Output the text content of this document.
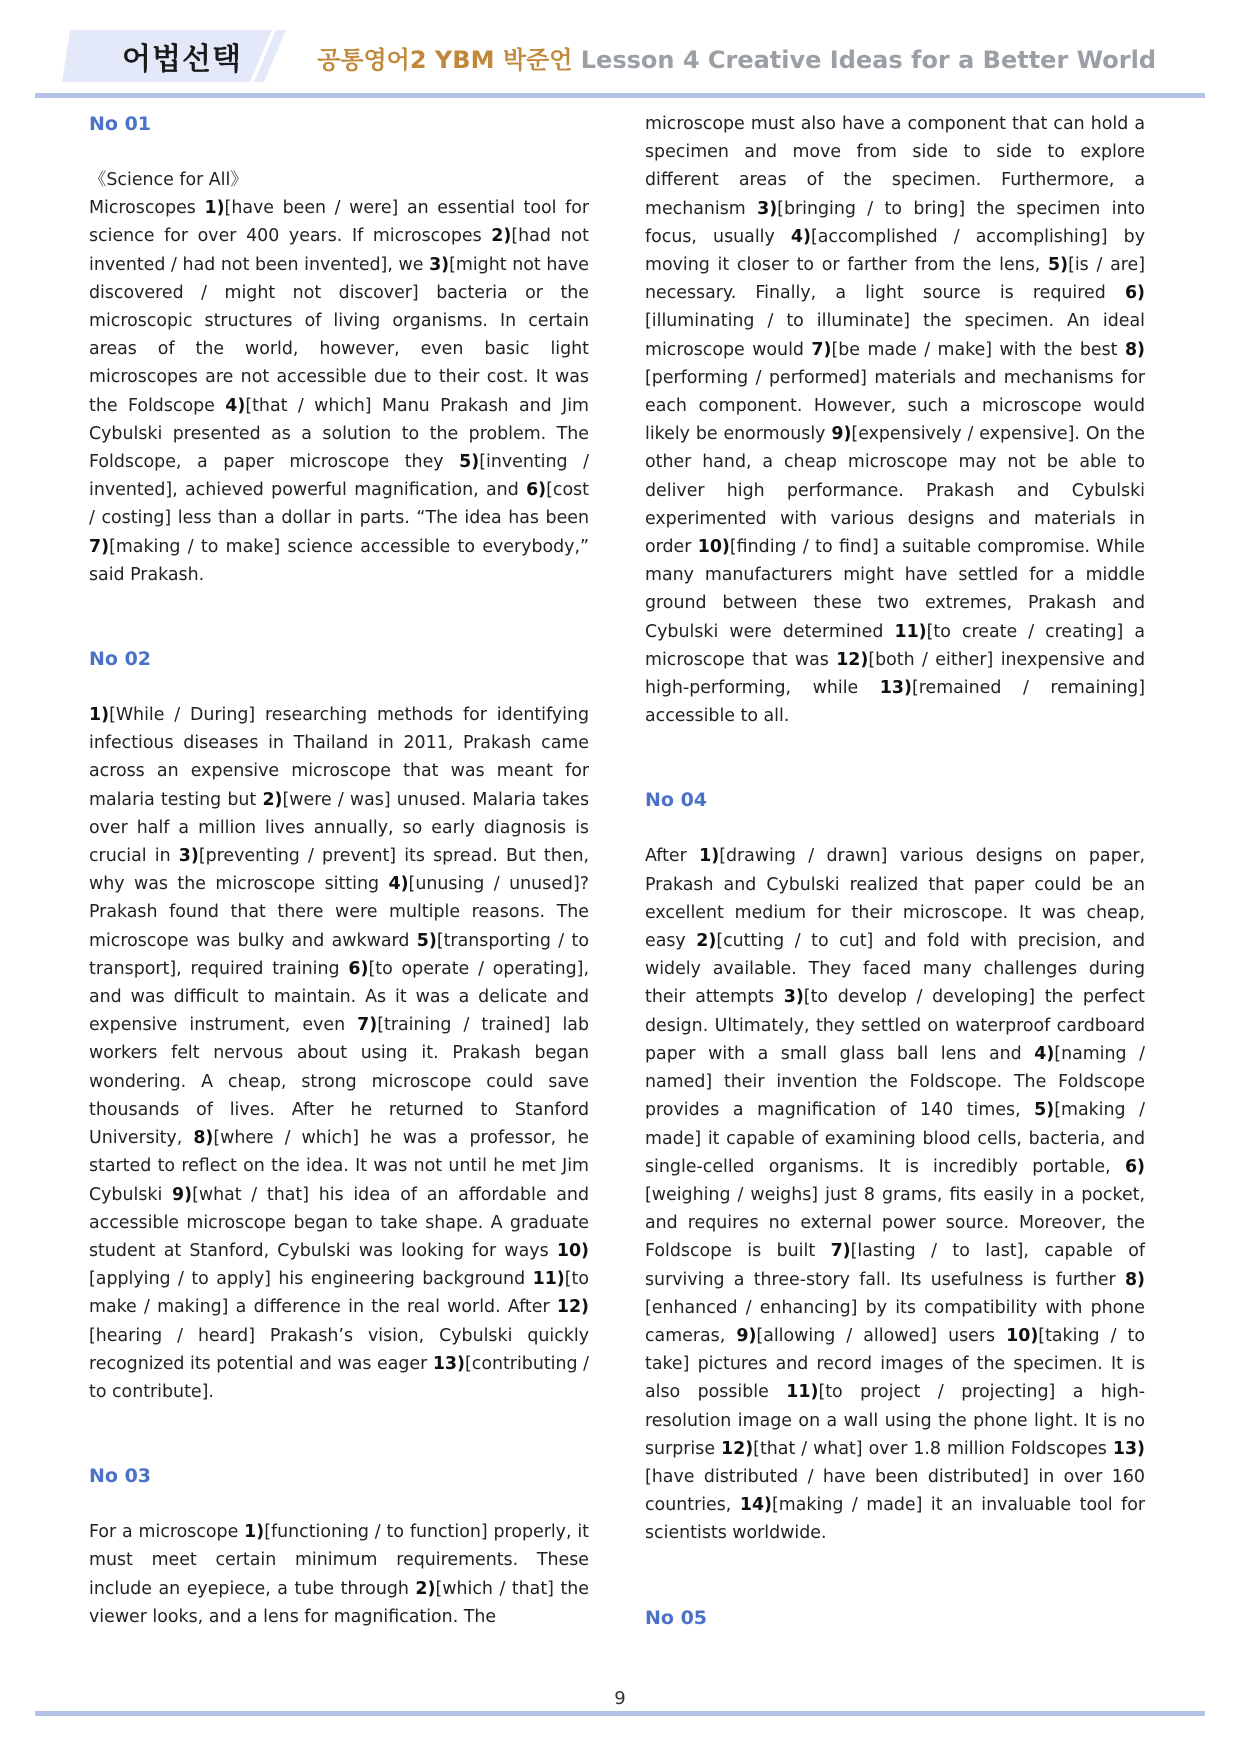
어법선택	공통영어2 YBM 박준언 Lesson 4 Creative Ideas for a Better World
No 01

《Science for All》

Microscopes 1)[have been / were] an essential tool for science for over 400 years. If microscopes 2)[had not invented / had not been invented], we 3)[might not have discovered / might not discover] bacteria or the microscopic structures of living organisms. In certain areas of the world, however, even basic light microscopes are not accessible due to their cost. It was the Foldscope 4)[that / which] Manu Prakash and Jim Cybulski presented as a solution to the problem. The Foldscope, a paper microscope they 5)[inventing / invented], achieved powerful magnification, and 6)[cost / costing] less than a dollar in parts. “The idea has been 7)[making / to make] science accessible to everybody,” said Prakash.

No 02

1)[While / During] researching methods for identifying infectious diseases in Thailand in 2011, Prakash came across an expensive microscope that was meant for malaria testing but 2)[were / was] unused. Malaria takes over half a million lives annually, so early diagnosis is crucial in 3)[preventing / prevent] its spread. But then, why was the microscope sitting 4)[unusing / unused]? Prakash found that there were multiple reasons. The microscope was bulky and awkward 5)[transporting / to transport], required training 6)[to operate / operating], and was difficult to maintain. As it was a delicate and expensive instrument, even 7)[training / trained] lab workers felt nervous about using it. Prakash began wondering. A cheap, strong microscope could save thousands of lives. After he returned to Stanford University, 8)[where / which] he was a professor, he started to reflect on the idea. It was not until he met Jim Cybulski 9)[what / that] his idea of an affordable and accessible microscope began to take shape. A graduate student at Stanford, Cybulski was looking for ways 10)[applying / to apply] his engineering background 11)[to make / making] a difference in the real world. After 12)[hearing / heard] Prakash’s vision, Cybulski quickly recognized its potential and was eager 13)[contributing / to contribute].

No 03

For a microscope 1)[functioning / to function] properly, it must meet certain minimum requirements. These include an eyepiece, a tube through 2)[which / that] the viewer looks, and a lens for magnification. The

microscope must also have a component that can hold a specimen and move from side to side to explore different areas of the specimen. Furthermore, a mechanism 3)[bringing / to bring] the specimen into focus, usually 4)[accomplished / accomplishing] by moving it closer to or farther from the lens, 5)[is / are] necessary. Finally, a light source is required 6)[illuminating / to illuminate] the specimen. An ideal microscope would 7)[be made / make] with the best 8)[performing / performed] materials and mechanisms for each component. However, such a microscope would likely be enormously 9)[expensively / expensive]. On the other hand, a cheap microscope may not be able to deliver high performance. Prakash and Cybulski experimented with various designs and materials in order 10)[finding / to find] a suitable compromise. While many manufacturers might have settled for a middle ground between these two extremes, Prakash and Cybulski were determined 11)[to create / creating] a microscope that was 12)[both / either] inexpensive and high-performing, while 13)[remained / remaining] accessible to all.

No 04

After 1)[drawing / drawn] various designs on paper, Prakash and Cybulski realized that paper could be an excellent medium for their microscope. It was cheap, easy 2)[cutting / to cut] and fold with precision, and widely available. They faced many challenges during their attempts 3)[to develop / developing] the perfect design. Ultimately, they settled on waterproof cardboard paper with a small glass ball lens and 4)[naming / named] their invention the Foldscope. The Foldscope provides a magnification of 140 times, 5)[making / made] it capable of examining blood cells, bacteria, and single-celled organisms. It is incredibly portable, 6)[weighing / weighs] just 8 grams, fits easily in a pocket, and requires no external power source. Moreover, the Foldscope is built 7)[lasting / to last], capable of surviving a three-story fall. Its usefulness is further 8)[enhanced / enhancing] by its compatibility with phone cameras, 9)[allowing / allowed] users 10)[taking / to take] pictures and record images of the specimen. It is also possible 11)[to project / projecting] a high-resolution image on a wall using the phone light. It is no surprise 12)[that / what] over 1.8 million Foldscopes 13)[have distributed / have been distributed] in over 160 countries, 14)[making / made] it an invaluable tool for scientists worldwide.

No 05
9
